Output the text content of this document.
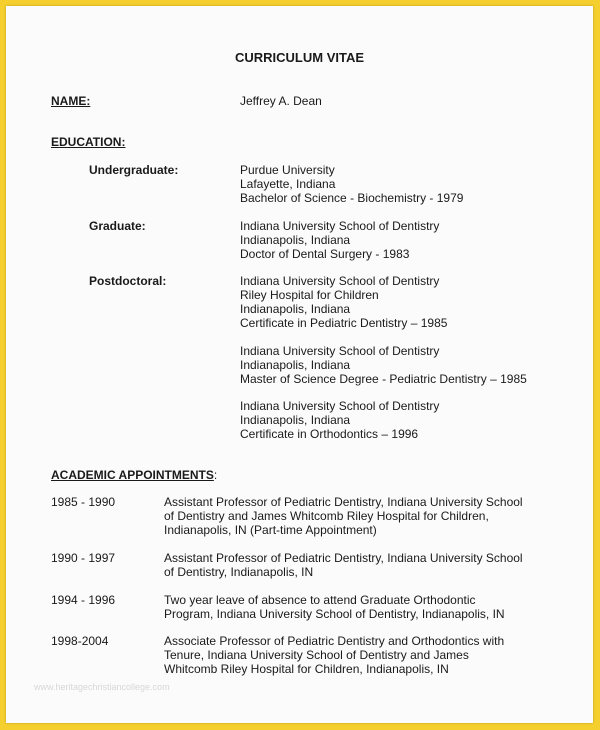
CURRICULUM VITAE
NAME:	Jeffrey A. Dean
EDUCATION:
Undergraduate:	Purdue University
Lafayette, Indiana
Bachelor of Science - Biochemistry - 1979
Graduate:	Indiana University School of Dentistry
Indianapolis, Indiana
Doctor of Dental Surgery - 1983
Postdoctoral:	Indiana University School of Dentistry
Riley Hospital for Children
Indianapolis, Indiana
Certificate in Pediatric Dentistry – 1985
Indiana University School of Dentistry
Indianapolis, Indiana
Master of Science Degree - Pediatric Dentistry – 1985
Indiana University School of Dentistry
Indianapolis, Indiana
Certificate in Orthodontics – 1996
ACADEMIC APPOINTMENTS:
1985 - 1990	Assistant Professor of Pediatric Dentistry, Indiana University School
of Dentistry and James Whitcomb Riley Hospital for Children,
Indianapolis, IN (Part-time Appointment)
1990 - 1997	Assistant Professor of Pediatric Dentistry, Indiana University School
of Dentistry, Indianapolis, IN
1994 - 1996	Two year leave of absence to attend Graduate Orthodontic
Program, Indiana University School of Dentistry, Indianapolis, IN
1998-2004	Associate Professor of Pediatric Dentistry and Orthodontics with
Tenure, Indiana University School of Dentistry and James
Whitcomb Riley Hospital for Children, Indianapolis, IN
www.heritagechristiancollege.com
